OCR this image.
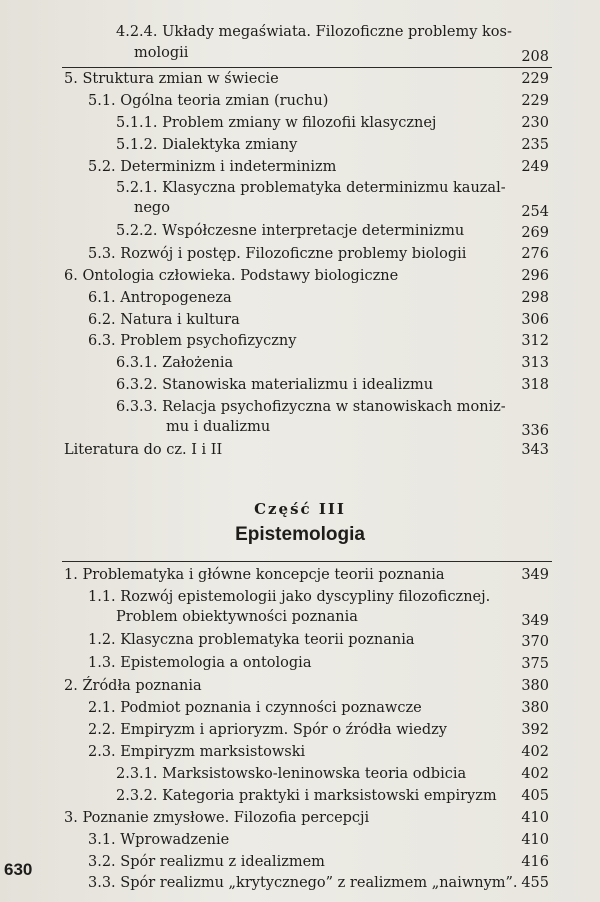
4.2.4. Układy megaświata. Filozoficzne problemy kos-
mologii	208
5. Struktura zmian w świecie	229
5.1. Ogólna teoria zmian (ruchu)	229
5.1.1. Problem zmiany w filozofii klasycznej	230
5.1.2. Dialektyka zmiany	235
5.2. Determinizm i indeterminizm	249
5.2.1. Klasyczna problematyka determinizmu kauzal-
nego	254
5.2.2. Współczesne interpretacje determinizmu	269
5.3. Rozwój i postęp. Filozoficzne problemy biologii	276
6. Ontologia człowieka. Podstawy biologiczne	296
6.1. Antropogeneza	298
6.2. Natura i kultura	306
6.3. Problem psychofizyczny	312
6.3.1. Założenia	313
6.3.2. Stanowiska materializmu i idealizmu	318
6.3.3. Relacja psychofizyczna w stanowiskach moniz-
mu i dualizmu	336
Literatura do cz. I i II	343
Część III
Epistemologia
1. Problematyka i główne koncepcje teorii poznania	349
1.1. Rozwój epistemologii jako dyscypliny filozoficznej.
Problem obiektywności poznania	349
1.2. Klasyczna problematyka teorii poznania	370
1.3. Epistemologia a ontologia	375
2. Źródła poznania	380
2.1. Podmiot poznania i czynności poznawcze	380
2.2. Empiryzm i aprioryzm. Spór o źródła wiedzy	392
2.3. Empiryzm marksistowski	402
2.3.1. Marksistowsko-leninowska teoria odbicia	402
2.3.2. Kategoria praktyki i marksistowski empiryzm	405
3. Poznanie zmysłowe. Filozofia percepcji	410
3.1. Wprowadzenie	410
3.2. Spór realizmu z idealizmem	416
3.3. Spór realizmu „krytycznego” z realizmem „naiwnym”. 455
630
